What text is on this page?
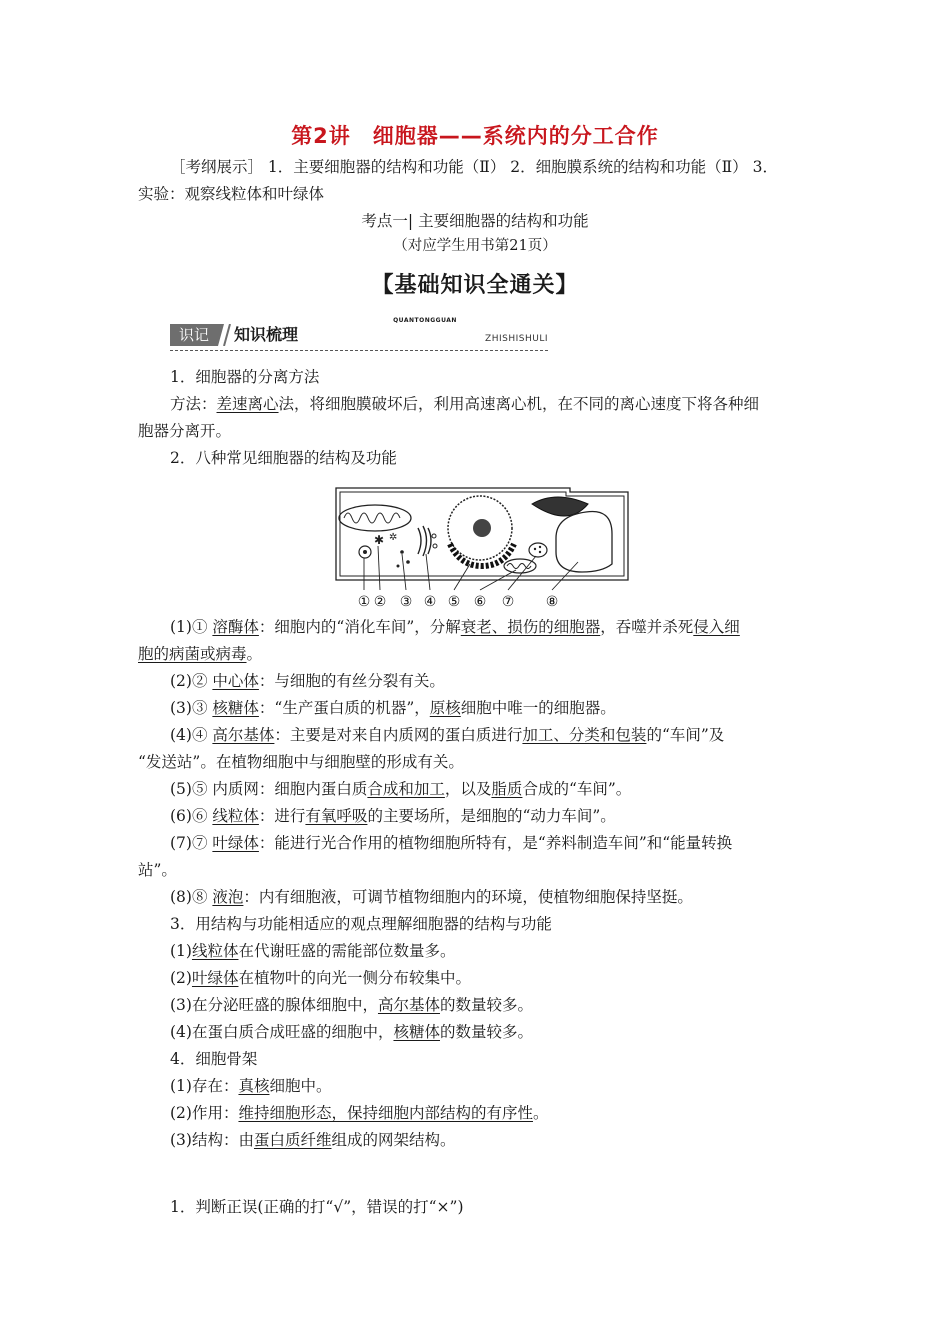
第2讲　细胞器——系统内的分工合作
［考纲展示］ 1．主要细胞器的结构和功能（Ⅱ） 2．细胞膜系统的结构和功能（Ⅱ） 3．
实验：观察线粒体和叶绿体
考点一| 主要细胞器的结构和功能
（对应学生用书第21页）
【基础知识全通关】
QUANTONGGUAN
识记	知识梳理	ZHISHISHULI
1．细胞器的分离方法
方法：差速离心法，将细胞膜破坏后，利用高速离心机，在不同的离心速度下将各种细
胞器分离开。
2．八种常见细胞器的结构及功能
✱ ✲
① ② ③ ④ ⑤ ⑥ ⑦ ⑧
(1)① 溶酶体：细胞内的“消化车间”，分解衰老、损伤的细胞器，吞噬并杀死侵入细
胞的病菌或病毒。
(2)② 中心体：与细胞的有丝分裂有关。
(3)③ 核糖体：“生产蛋白质的机器”，原核细胞中唯一的细胞器。
(4)④ 高尔基体：主要是对来自内质网的蛋白质进行加工、分类和包装的“车间”及
“发送站”。在植物细胞中与细胞壁的形成有关。
(5)⑤ 内质网：细胞内蛋白质合成和加工，以及脂质合成的“车间”。
(6)⑥ 线粒体：进行有氧呼吸的主要场所，是细胞的“动力车间”。
(7)⑦ 叶绿体：能进行光合作用的植物细胞所特有，是“养料制造车间”和“能量转换
站”。
(8)⑧ 液泡：内有细胞液，可调节植物细胞内的环境，使植物细胞保持坚挺。
3．用结构与功能相适应的观点理解细胞器的结构与功能
(1)线粒体在代谢旺盛的需能部位数量多。
(2)叶绿体在植物叶的向光一侧分布较集中。
(3)在分泌旺盛的腺体细胞中，高尔基体的数量较多。
(4)在蛋白质合成旺盛的细胞中，核糖体的数量较多。
4．细胞骨架
(1)存在：真核细胞中。
(2)作用：维持细胞形态，保持细胞内部结构的有序性。
(3)结构：由蛋白质纤维组成的网架结构。
1．判断正误(正确的打“√”，错误的打“×”)
